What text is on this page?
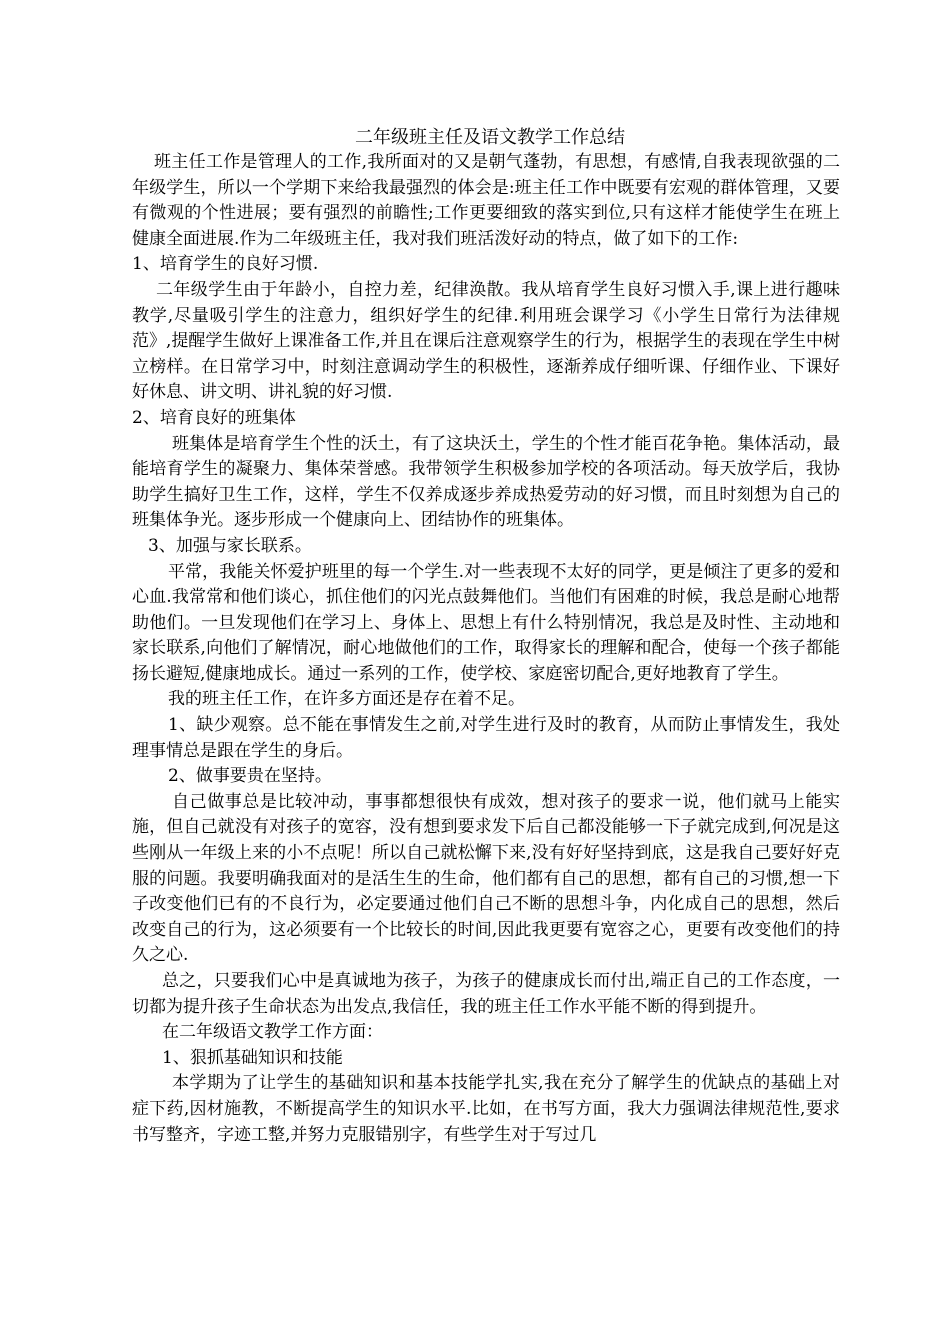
二年级班主任及语文教学工作总结

班主任工作是管理人的工作,我所面对的又是朝气蓬勃，有思想，有感情,自我表现欲强的二年级学生，所以一个学期下来给我最强烈的体会是:班主任工作中既要有宏观的群体管理，又要有微观的个性进展；要有强烈的前瞻性;工作更要细致的落实到位,只有这样才能使学生在班上健康全面进展.作为二年级班主任，我对我们班活泼好动的特点，做了如下的工作:

1、培育学生的良好习惯.

二年级学生由于年龄小，自控力差，纪律涣散。我从培育学生良好习惯入手,课上进行趣味教学,尽量吸引学生的注意力，组织好学生的纪律.利用班会课学习《小学生日常行为法律规范》,提醒学生做好上课准备工作,并且在课后注意观察学生的行为，根据学生的表现在学生中树立榜样。在日常学习中，时刻注意调动学生的积极性，逐渐养成仔细听课、仔细作业、下课好好休息、讲文明、讲礼貌的好习惯.

2、培育良好的班集体

班集体是培育学生个性的沃土，有了这块沃土，学生的个性才能百花争艳。集体活动，最能培育学生的凝聚力、集体荣誉感。我带领学生积极参加学校的各项活动。每天放学后，我协助学生搞好卫生工作，这样，学生不仅养成逐步养成热爱劳动的好习惯，而且时刻想为自己的班集体争光。逐步形成一个健康向上、团结协作的班集体。

3、加强与家长联系。

平常，我能关怀爱护班里的每一个学生.对一些表现不太好的同学，更是倾注了更多的爱和心血.我常常和他们谈心，抓住他们的闪光点鼓舞他们。当他们有困难的时候，我总是耐心地帮助他们。一旦发现他们在学习上、身体上、思想上有什么特别情况，我总是及时性、主动地和家长联系,向他们了解情况，耐心地做他们的工作，取得家长的理解和配合，使每一个孩子都能扬长避短,健康地成长。通过一系列的工作，使学校、家庭密切配合,更好地教育了学生。

我的班主任工作，在许多方面还是存在着不足。

1、缺少观察。总不能在事情发生之前,对学生进行及时的教育，从而防止事情发生，我处理事情总是跟在学生的身后。

2、做事要贵在坚持。

自己做事总是比较冲动，事事都想很快有成效，想对孩子的要求一说，他们就马上能实施，但自己就没有对孩子的宽容，没有想到要求发下后自己都没能够一下子就完成到,何况是这些刚从一年级上来的小不点呢！所以自己就松懈下来,没有好好坚持到底，这是我自己要好好克服的问题。我要明确我面对的是活生生的生命，他们都有自己的思想，都有自己的习惯,想一下子改变他们已有的不良行为，必定要通过他们自己不断的思想斗争，内化成自己的思想，然后改变自己的行为，这必须要有一个比较长的时间,因此我更要有宽容之心，更要有改变他们的持久之心.

总之，只要我们心中是真诚地为孩子，为孩子的健康成长而付出,端正自己的工作态度，一切都为提升孩子生命状态为出发点,我信任，我的班主任工作水平能不断的得到提升。

在二年级语文教学工作方面：

1、狠抓基础知识和技能

本学期为了让学生的基础知识和基本技能学扎实,我在充分了解学生的优缺点的基础上对症下药,因材施教，不断提高学生的知识水平.比如，在书写方面，我大力强调法律规范性,要求书写整齐，字迹工整,并努力克服错别字，有些学生对于写过几
